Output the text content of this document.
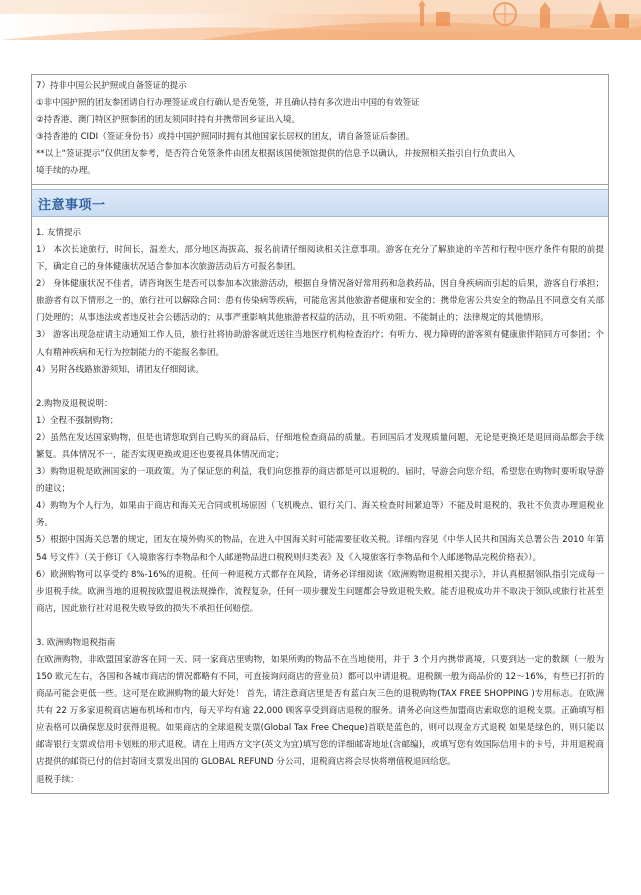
7）持非中国公民护照或自备签证的提示
①非中国护照的团友参团请自行办理签证或自行确认是否免签，并且确认持有多次进出中国的有效签证
②持香港、澳门特区护照参团的团友须同时持有并携带回乡证出入境。
③持香港的 CIDI（签证身份书）或持中国护照同时拥有其他国家长居权的团友，请自备签证后参团。
**以上“签证提示”仅供团友参考，是否符合免签条件由团友根据该国使领馆提供的信息予以确认，并按照相关指引自行负责出入
境手续的办理。
注意事项一
1. 友情提示
1） 本次长途旅行，时间长，温差大，部分地区海拔高，报名前请仔细阅读相关注意事项。游客在充分了解旅途的辛苦和行程中医疗条件有限的前提下，确定自己的身体健康状况适合参加本次旅游活动后方可报名参团。
2） 身体健康状况不佳者，请咨询医生是否可以参加本次旅游活动，根据自身情况备好常用药和急救药品，因自身疾病而引起的后果，游客自行承担；旅游者有以下情形之一的，旅行社可以解除合同：患有传染病等疾病，可能危害其他旅游者健康和安全的；携带危害公共安全的物品且不同意交有关部门处理的；从事违法或者违反社会公德活动的；从事严重影响其他旅游者权益的活动，且不听劝阻、不能制止的；法律规定的其他情形。
3） 游客出现急症请主动通知工作人员，旅行社将协助游客就近送往当地医疗机构检查治疗；有听力、视力障碍的游客须有健康旅伴陪同方可参团；个人有精神疾病和无行为控制能力的不能报名参团。
4）另附各线路旅游须知，请团友仔细阅读。
2.购物及退税说明：
1）全程不强制购物；
2）虽然在发达国家购物，但是也请您取到自己购买的商品后，仔细地检查商品的质量。若回国后才发现质量问题，无论是更换还是退回商品都会手续繁复。具体情况不一，能否实现更换或退还也要视具体情况而定；
3）购物退税是欧洲国家的一项政策。为了保证您的利益，我们向您推荐的商店都是可以退税的。届时，导游会向您介绍，希望您在购物时要听取导游的建议；
4）购物为个人行为，如果由于商店和海关无合同或机场原因（飞机晚点、银行关门、海关检查时间紧迫等）不能及时退税的，我社不负责办理退税业务。
5）根据中国海关总署的规定，团友在境外购买的物品，在进入中国海关时可能需要征收关税。详细内容见《中华人民共和国海关总署公告 2010 年第 54 号文件》（关于修订《入境旅客行李物品和个人邮递物品进口税税则归类表》及《入境旅客行李物品和个人邮递物品完税价格表》）。
6）欧洲购物可以享受约 8%-16%的退税。任何一种退税方式都存在风险，请务必详细阅读《欧洲购物退税相关提示》，并认真根据领队指引完成每一步退税手续。欧洲当地的退税按欧盟退税法规操作，流程复杂，任何一项步骤发生问题都会导致退税失败。能否退税成功并不取决于领队或旅行社甚至商店，因此旅行社对退税失败导致的损失不承担任何赔偿。
3. 欧洲购物退税指南
在欧洲购物，非欧盟国家游客在同一天、同一家商店里购物，如果所购的物品不在当地使用，并于 3 个月内携带离境，只要到达一定的数额（一般为 150 欧元左右，各国和各城市商店的情况都略有不同，可直接询问商店的营业员）都可以申请退税。退税额一般为商品价的 12～16%，有些已打折的商品可能会更低一些。这可是在欧洲购物的最大好处！ 首先，请注意商店里是否有蓝白灰三色的退税购物(TAX FREE SHOPPING )专用标志。在欧洲共有 22 万多家退税商店遍布机场和市内，每天平均有逾 22,000 顾客享受到商店退税的服务。请务必向这些加盟商店索取您的退税支票。正确填写相应表格可以确保您及时获得退税。如果商店的全球退税支票(Global Tax Free Cheque)首联是蓝色的，则可以现金方式退税 如果是绿色的，则只能以邮寄银行支票或信用卡划账的形式退税。请在上用西方文字(英文为宜)填写您的详细邮寄地址(含邮编)，或填写您有效国际信用卡的卡号，并用退税商店提供的邮资已付的信封寄回支票发出国的 GLOBAL REFUND 分公司，退税商店将会尽快将增值税退回给您。
退税手续：
